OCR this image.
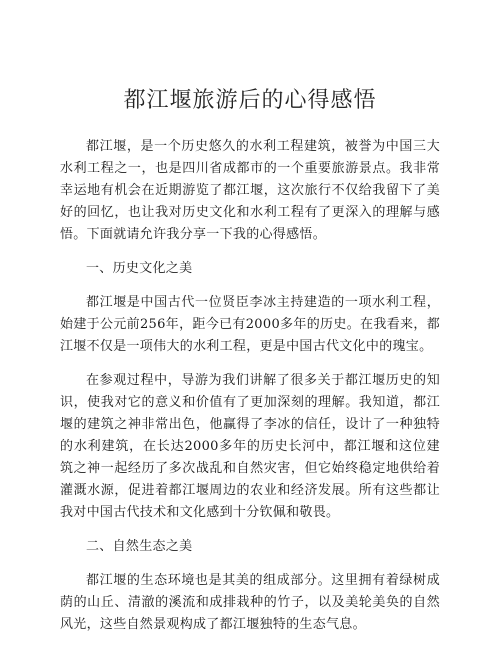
都江堰旅游后的心得感悟

都江堰，是一个历史悠久的水利工程建筑，被誉为中国三大水利工程之一，也是四川省成都市的一个重要旅游景点。我非常幸运地有机会在近期游览了都江堰，这次旅行不仅给我留下了美好的回忆，也让我对历史文化和水利工程有了更深入的理解与感悟。下面就请允许我分享一下我的心得感悟。

一、历史文化之美

都江堰是中国古代一位贤臣李冰主持建造的一项水利工程，始建于公元前256年，距今已有2000多年的历史。在我看来，都江堰不仅是一项伟大的水利工程，更是中国古代文化中的瑰宝。

在参观过程中，导游为我们讲解了很多关于都江堰历史的知识，使我对它的意义和价值有了更加深刻的理解。我知道，都江堰的建筑之神非常出色，他赢得了李冰的信任，设计了一种独特的水利建筑，在长达2000多年的历史长河中，都江堰和这位建筑之神一起经历了多次战乱和自然灾害，但它始终稳定地供给着灌溉水源，促进着都江堰周边的农业和经济发展。所有这些都让我对中国古代技术和文化感到十分钦佩和敬畏。

二、自然生态之美

都江堰的生态环境也是其美的组成部分。这里拥有着绿树成荫的山丘、清澈的溪流和成排栽种的竹子，以及美轮美奂的自然风光，这些自然景观构成了都江堰独特的生态气息。
